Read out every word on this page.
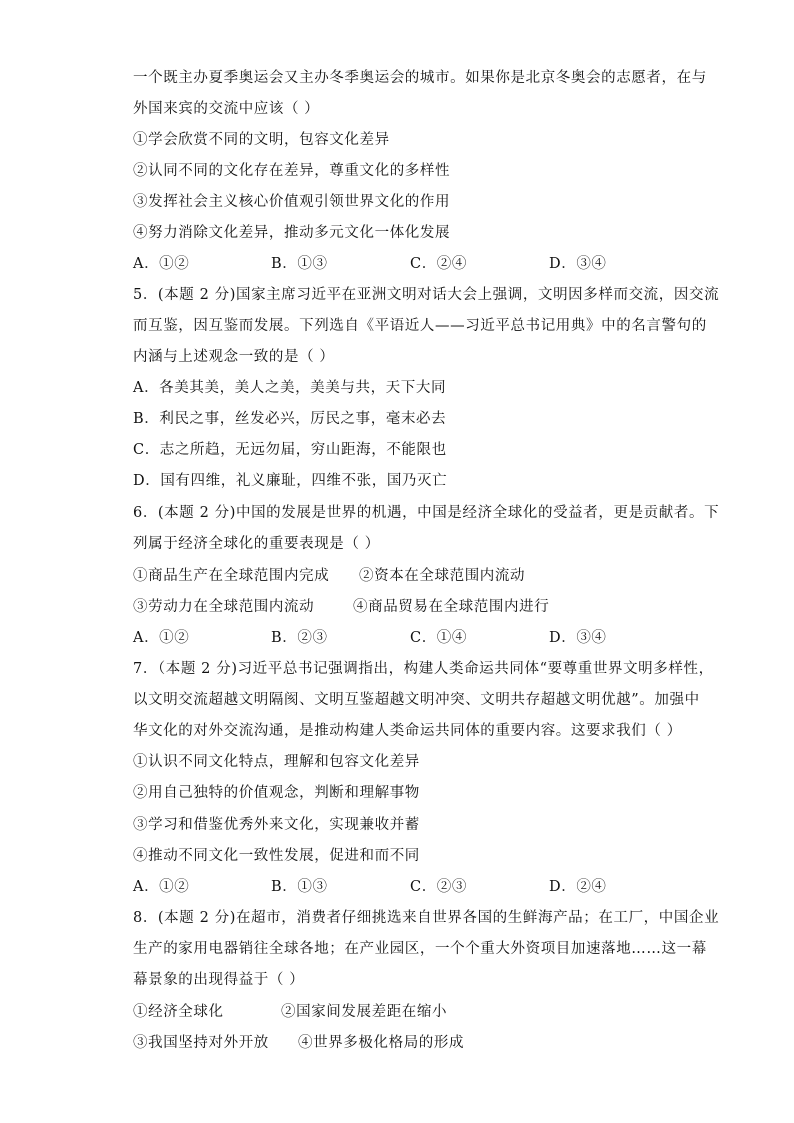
一个既主办夏季奥运会又主办冬季奥运会的城市。如果你是北京冬奥会的志愿者，在与
外国来宾的交流中应该（ ）
①学会欣赏不同的文明，包容文化差异
②认同不同的文化存在差异，尊重文化的多样性
③发挥社会主义核心价值观引领世界文化的作用
④努力消除文化差异，推动多元文化一体化发展
A．①②	B．①③	C．②④	D．③④
5．(本题 2 分)国家主席习近平在亚洲文明对话大会上强调，文明因多样而交流，因交流
而互鉴，因互鉴而发展。下列选自《平语近人——习近平总书记用典》中的名言警句的
内涵与上述观念一致的是（ ）
A．各美其美，美人之美，美美与共，天下大同
B．利民之事，丝发必兴，厉民之事，毫末必去
C．志之所趋，无远勿届，穷山距海，不能限也
D．国有四维，礼义廉耻，四维不张，国乃灭亡
6．(本题 2 分)中国的发展是世界的机遇，中国是经济全球化的受益者，更是贡献者。下
列属于经济全球化的重要表现是（ ）
①商品生产在全球范围内完成 ②资本在全球范围内流动
③劳动力在全球范围内流动	④商品贸易在全球范围内进行
A．①②	B．②③	C．①④	D．③④
7．（本题 2 分)习近平总书记强调指出，构建人类命运共同体“要尊重世界文明多样性，
以文明交流超越文明隔阂、文明互鉴超越文明冲突、文明共存超越文明优越”。加强中
华文化的对外交流沟通，是推动构建人类命运共同体的重要内容。这要求我们（ ）
①认识不同文化特点，理解和包容文化差异
②用自己独特的价值观念，判断和理解事物
③学习和借鉴优秀外来文化，实现兼收并蓄
④推动不同文化一致性发展，促进和而不同
A．①②	B．①③	C．②③	D．②④
8．(本题 2 分)在超市，消费者仔细挑选来自世界各国的生鲜海产品；在工厂，中国企业
生产的家用电器销往全球各地；在产业园区，一个个重大外资项目加速落地……这一幕
幕景象的出现得益于（ ）
①经济全球化	②国家间发展差距在缩小
③我国坚持对外开放 ④世界多极化格局的形成
